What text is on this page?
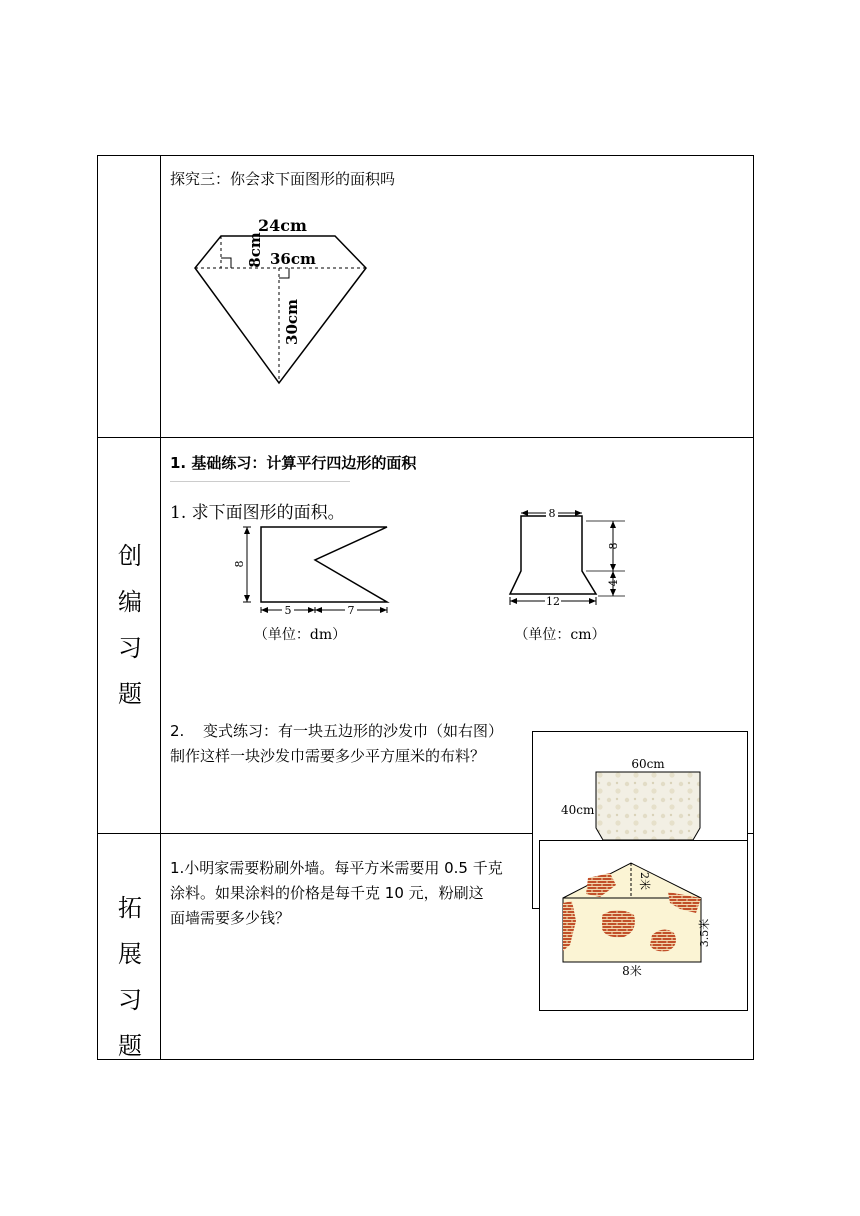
探究三：你会求下面图形的面积吗
24cm
8cm 36cm
30cm
创
编
习
题
1. 基础练习：计算平行四边形的面积
1. 求下面图形的面积。
8
5	7
（单位：dm）
8
12
8
4
（单位：cm）
2. 变式练习：有一块五边形的沙发巾（如右图）
制作这样一块沙发巾需要多少平方厘米的布料？	60cm
40cm
拓
展
习
题
1.小明家需要粉刷外墙。每平方米需要用 0.5 千克
涂料。如果涂料的价格是每千克 10 元，粉刷这
面墙需要多少钱？
2米
3.5米
8米
